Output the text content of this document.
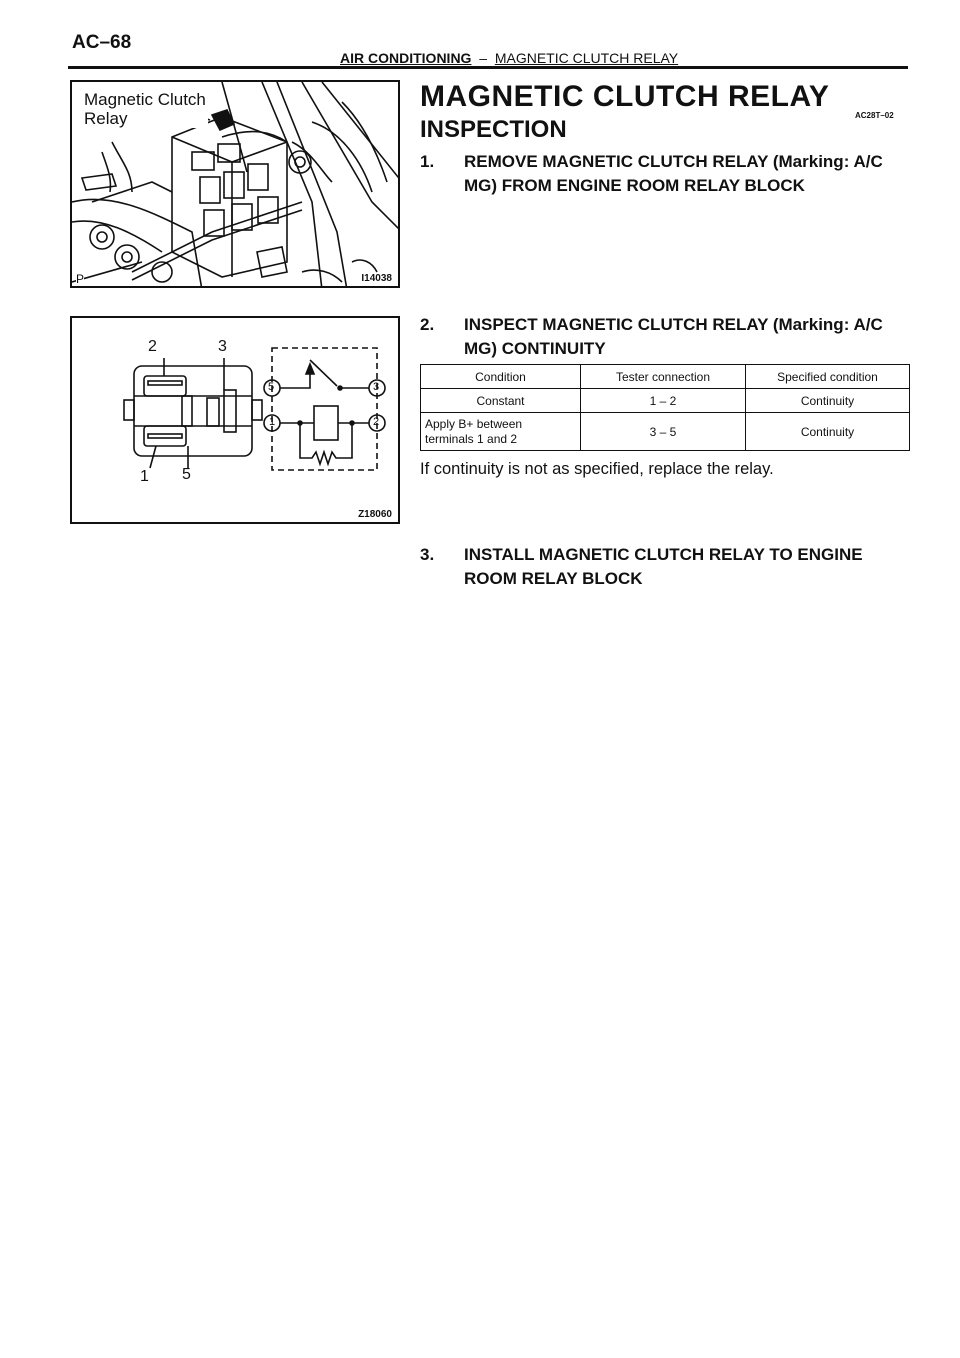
AC–68
AIR CONDITIONING – MAGNETIC CLUTCH RELAY
Magnetic Clutch
Relay
P	I14038
2	3
1 5
5	3
1	2
Z18060
MAGNETIC CLUTCH RELAY
AC28T–02
INSPECTION
1. REMOVE MAGNETIC CLUTCH RELAY (Marking: A/C MG) FROM ENGINE ROOM RELAY BLOCK
2. INSPECT MAGNETIC CLUTCH RELAY (Marking: A/C MG) CONTINUITY
Condition	Tester connection	Specified condition
Constant	1 – 2	Continuity

Apply B+ between
terminals 1 and 2	3 – 5	Continuity
If continuity is not as specified, replace the relay.
3. INSTALL MAGNETIC CLUTCH RELAY TO ENGINE ROOM RELAY BLOCK
